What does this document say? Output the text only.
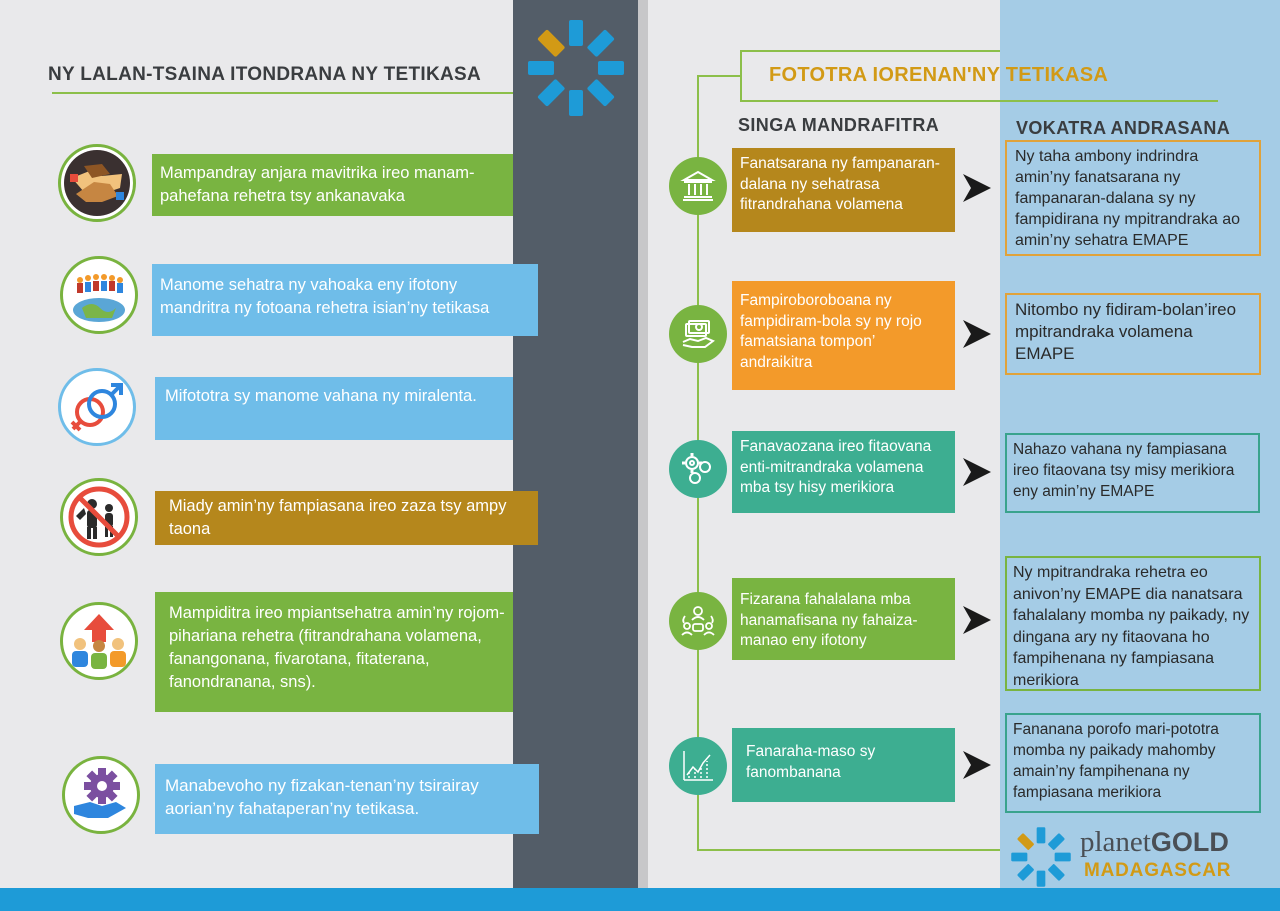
NY LALAN-TSAINA ITONDRANA NY TETIKASA
Mampandray anjara mavitrika ireo manam-pahefana rehetra tsy ankanavaka
Manome sehatra ny vahoaka eny ifotony mandritra ny fotoana rehetra isian’ny tetikasa
Mifototra sy manome vahana ny miralenta.
Miady amin’ny fampiasana ireo zaza tsy ampy taona
Mampiditra ireo mpiantsehatra amin’ny rojom-pihariana rehetra (fitrandrahana volamena, fanangonana, fivarotana, fitaterana, fanondranana, sns).
Manabevoho ny fizakan-tenan’ny tsirairay aorian’ny fahataperan’ny tetikasa.
FOTOTRA IORENAN'NY TETIKASA
SINGA MANDRAFITRA	VOKATRA ANDRASANA
Fanatsarana ny fampanaran-dalana ny sehatrasa fitrandrahana volamena
Ny taha ambony indrindra amin’ny fanatsarana ny fampanaran-dalana sy ny fampidirana ny mpitrandraka ao amin’ny sehatra EMAPE
Fampiroboroboana ny fampidiram-bola sy ny rojo famatsiana tompon’ andraikitra
Nitombo ny fidiram-bolan’ireo mpitrandraka volamena EMAPE
Fanavaozana ireo fitaovana enti-mitrandraka volamena mba tsy hisy merikiora
Nahazo vahana ny fampiasana ireo fitaovana tsy misy merikiora eny amin’ny EMAPE
Fizarana fahalalana mba hanamafisana ny fahaiza-manao eny ifotony
Ny mpitrandraka rehetra eo anivon’ny EMAPE dia nanatsara fahalalany momba ny paikady, ny dingana ary ny fitaovana ho fampihenana ny fampiasana merikiora
Fanaraha-maso sy fanombanana
Fananana porofo mari-pototra momba ny paikady mahomby amain’ny fampihenana ny fampiasana merikiora
planetGOLD
MADAGASCAR
